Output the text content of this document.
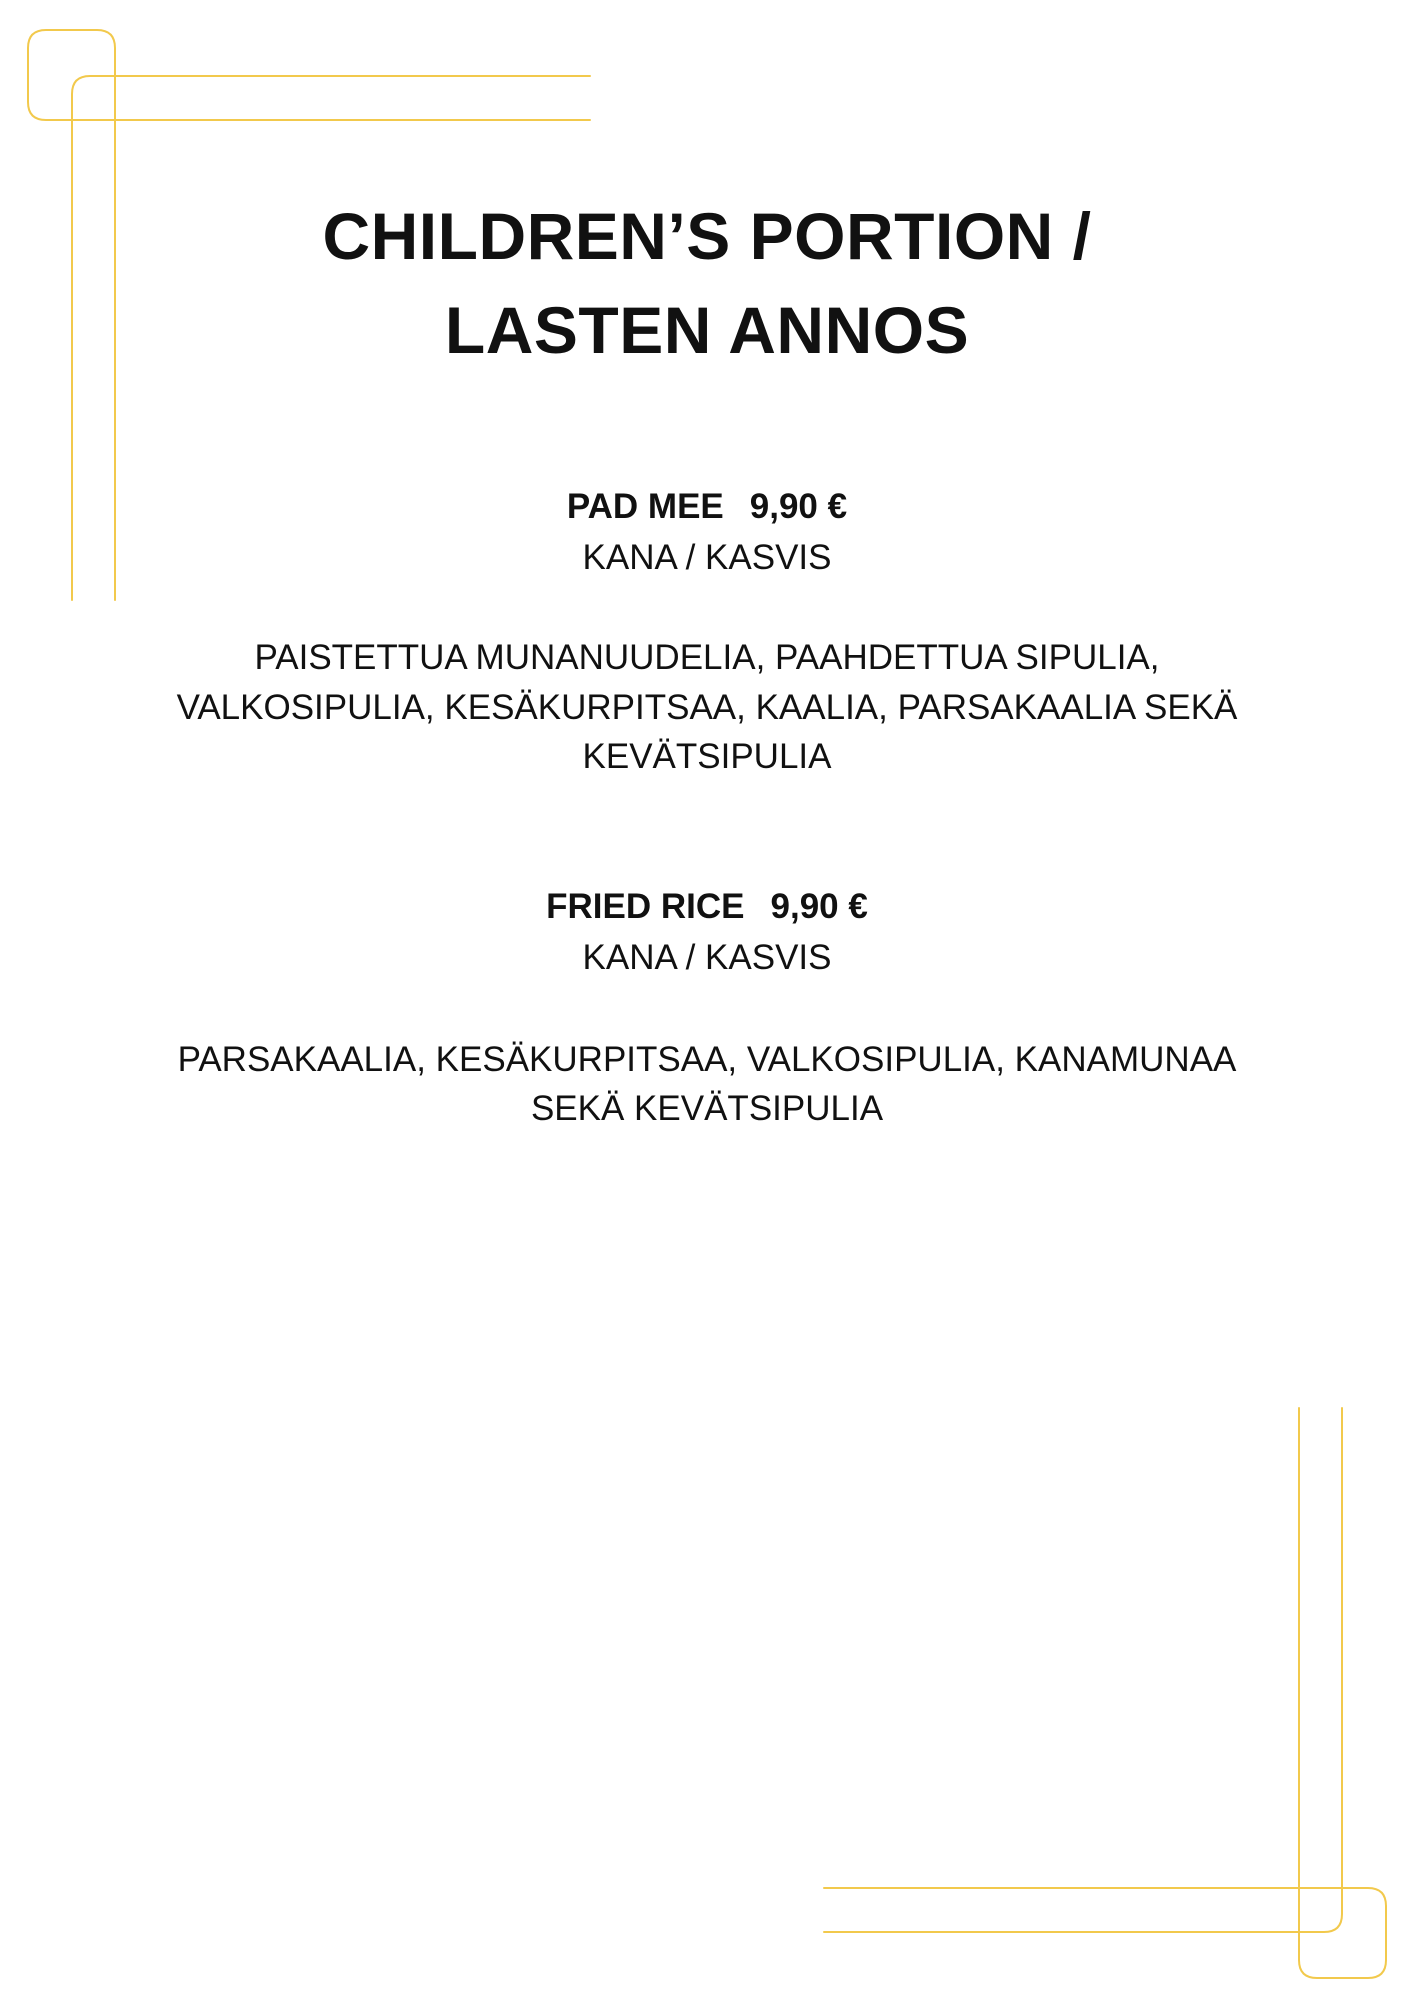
CHILDREN’S PORTION /
LASTEN ANNOS
PAD MEE 9,90 €
KANA / KASVIS
PAISTETTUA MUNANUUDELIA, PAAHDETTUA SIPULIA,
VALKOSIPULIA, KESÄKURPITSAA, KAALIA, PARSAKAALIA SEKÄ
KEVÄTSIPULIA
FRIED RICE 9,90 €
KANA / KASVIS
PARSAKAALIA, KESÄKURPITSAA, VALKOSIPULIA, KANAMUNAA
SEKÄ KEVÄTSIPULIA
